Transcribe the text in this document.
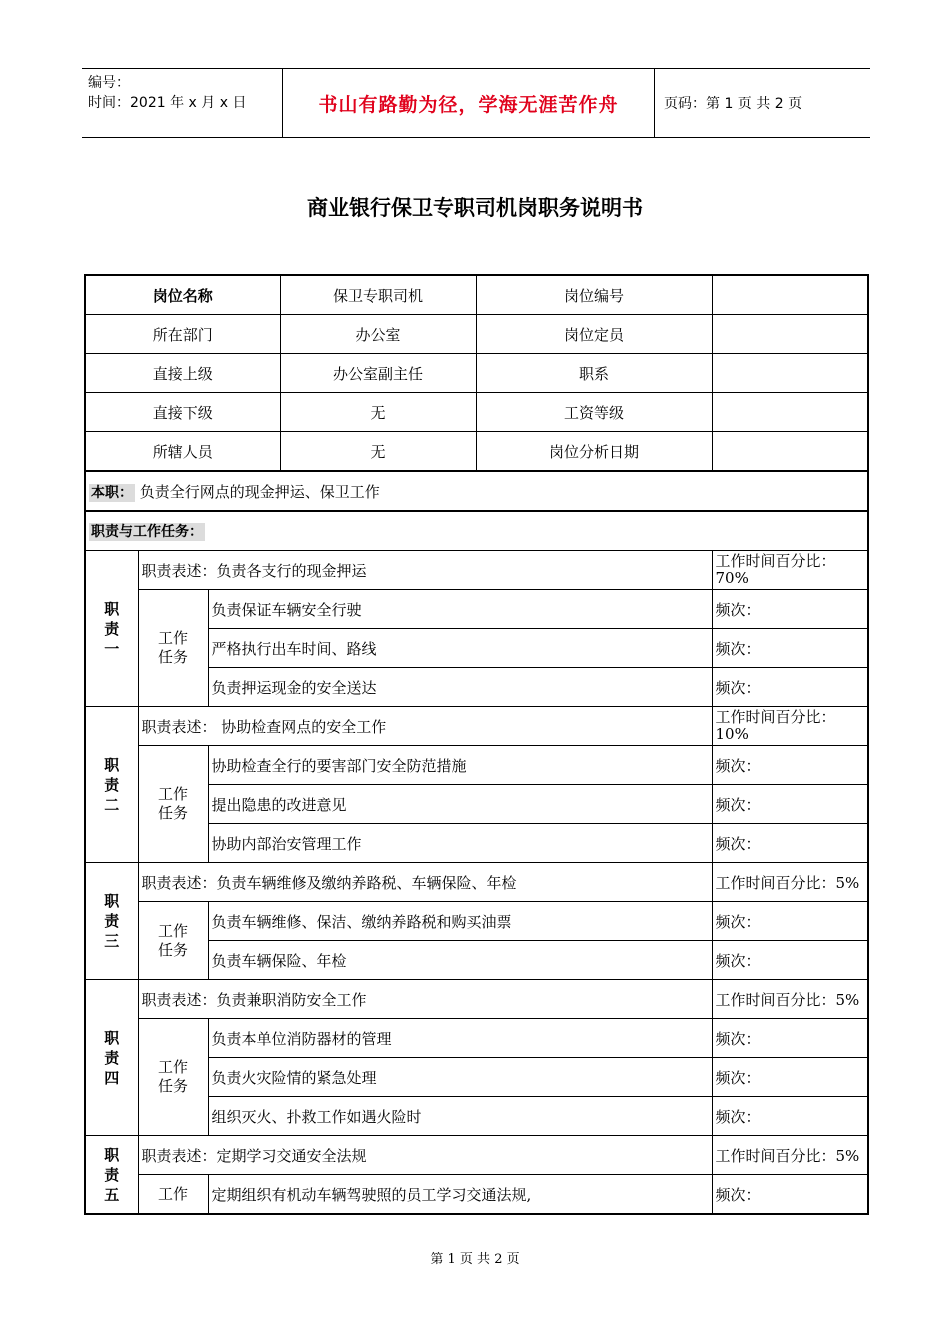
编号：
时间：2021 年 x 月 x 日	书山有路勤为径，学海无涯苦作舟	页码：第 1 页 共 2 页
商业银行保卫专职司机岗职务说明书
岗位名称			保卫专职司机	岗位编号	
所在部门			办公室	岗位定员	
直接上级			办公室副主任	职系	
直接下级			无	工资等级	
所辖人员			无	岗位分析日期	
本职： 负责全行网点的现金押运、保卫工作					
职责与工作任务：					

职
责
一	职责表述：负责各支行的现金押运				工作时间百分比：70%
	工作
任务	负责保证车辆安全行驶			频次：
		严格执行出车时间、路线			频次：
		负责押运现金的安全送达			频次：

职
责
二	职责表述： 协助检查网点的安全工作				工作时间百分比：10%
	工作
任务	协助检查全行的要害部门安全防范措施			频次：
		提出隐患的改进意见			频次：
		协助内部治安管理工作			频次：

职
责
三	职责表述：负责车辆维修及缴纳养路税、车辆保险、年检				工作时间百分比：5%
	工作
任务	负责车辆维修、保洁、缴纳养路税和购买油票			频次：
		负责车辆保险、年检			频次：

职
责
四	职责表述：负责兼职消防安全工作				工作时间百分比：5%
	工作
任务	负责本单位消防器材的管理			频次：
		负责火灾险情的紧急处理			频次：
		组织灭火、扑救工作如遇火险时			频次：

职
责
五	职责表述：定期学习交通安全法规				工作时间百分比：5%
	工作	定期组织有机动车辆驾驶照的员工学习交通法规,			频次：
第 1 页 共 2 页
